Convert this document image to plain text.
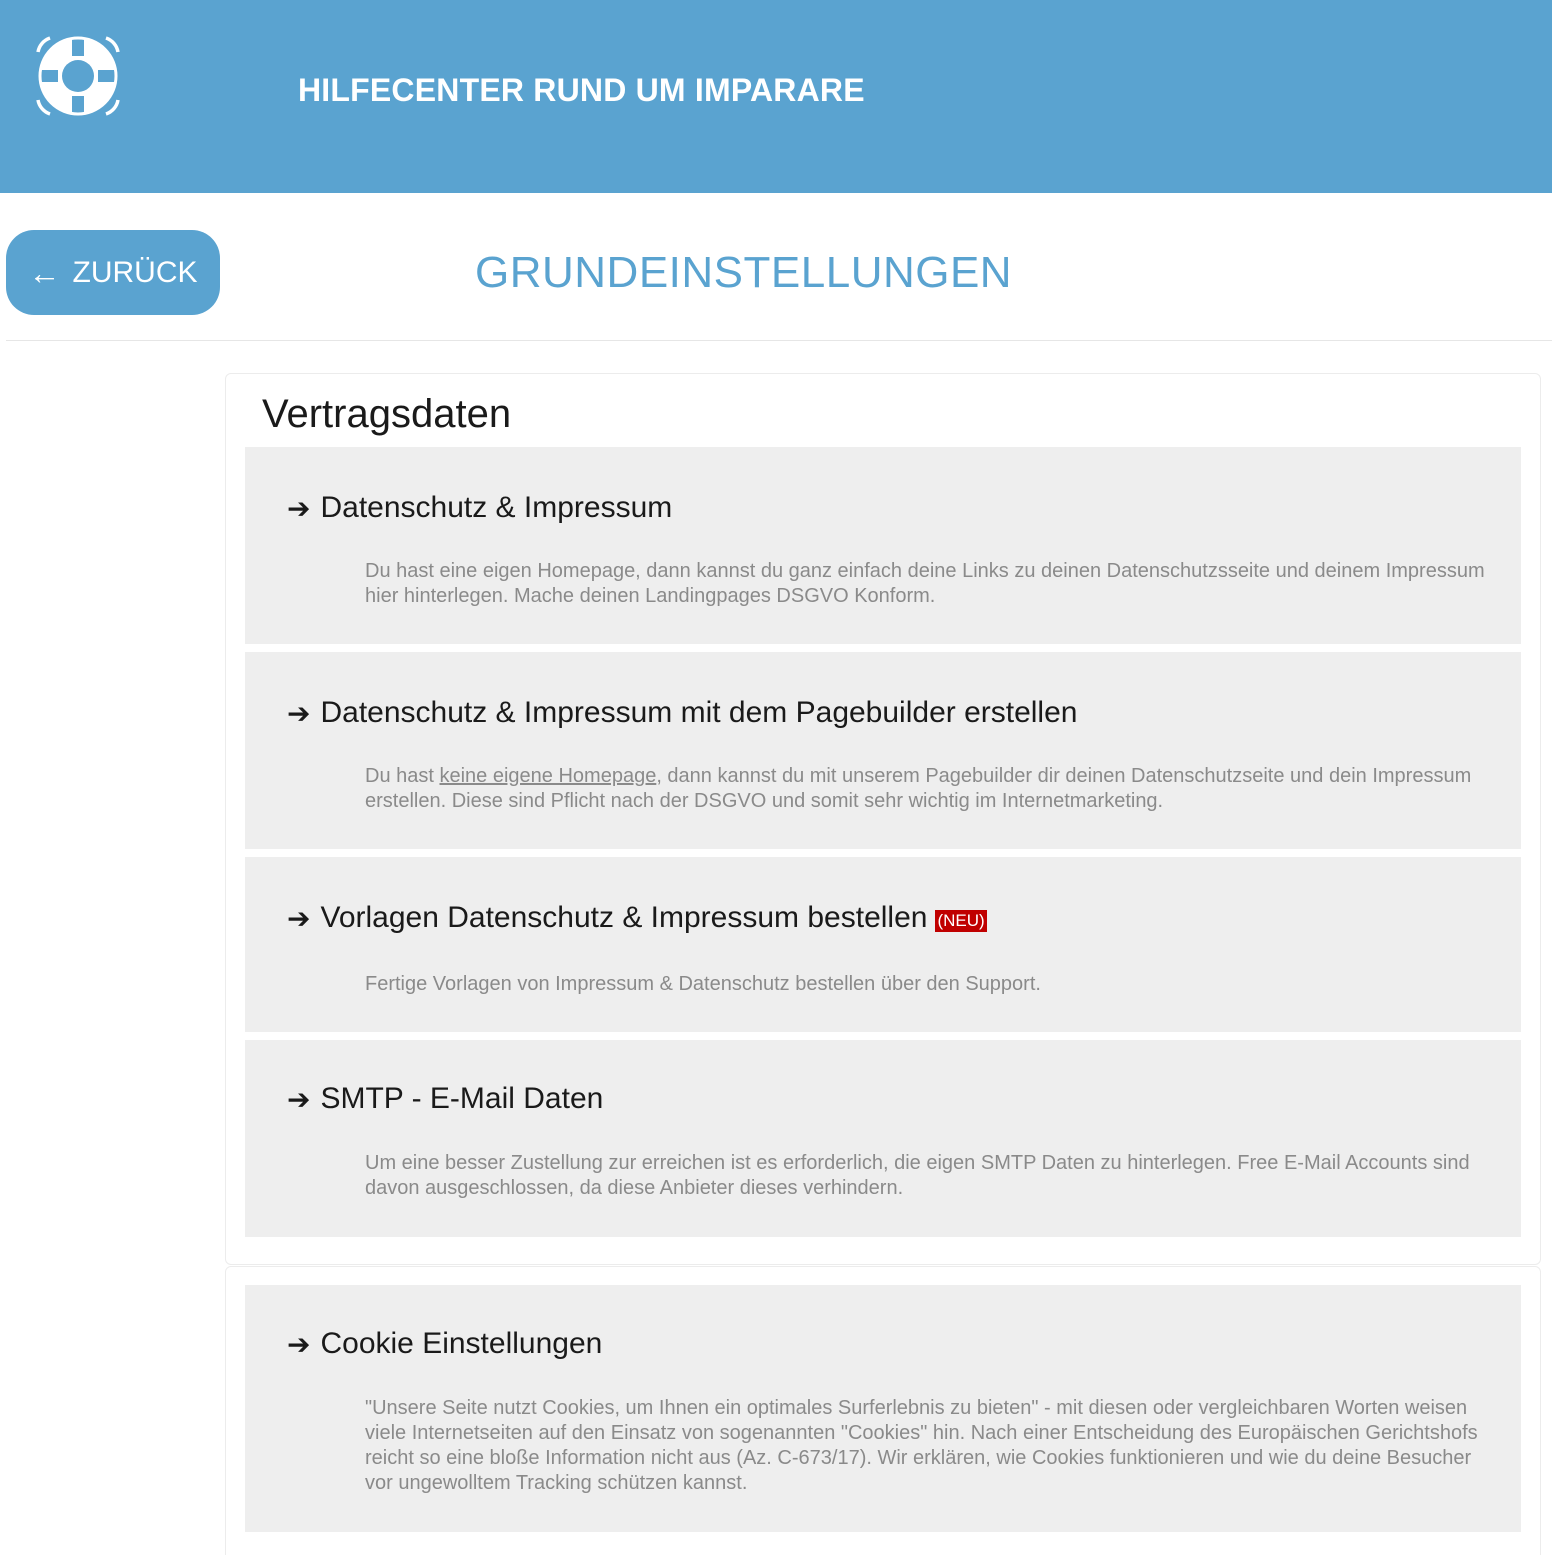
HILFECENTER RUND UM IMPARARE
← ZURÜCK	GRUNDEINSTELLUNGEN
Vertragsdaten
➔ Datenschutz & Impressum
Du hast eine eigen Homepage, dann kannst du ganz einfach deine Links zu deinen Datenschutzsseite und deinem Impressum hier hinterlegen. Mache deinen Landingpages DSGVO Konform.
➔ Datenschutz & Impressum mit dem Pagebuilder erstellen
Du hast keine eigene Homepage, dann kannst du mit unserem Pagebuilder dir deinen Datenschutzseite und dein Impressum erstellen. Diese sind Pflicht nach der DSGVO und somit sehr wichtig im Internetmarketing.
➔ Vorlagen Datenschutz & Impressum bestellen (NEU)
Fertige Vorlagen von Impressum & Datenschutz bestellen über den Support.
➔ SMTP - E-Mail Daten
Um eine besser Zustellung zur erreichen ist es erforderlich, die eigen SMTP Daten zu hinterlegen. Free E-Mail Accounts sind davon ausgeschlossen, da diese Anbieter dieses verhindern.
➔ Cookie Einstellungen
"Unsere Seite nutzt Cookies, um Ihnen ein optimales Surferlebnis zu bieten" - mit diesen oder vergleichbaren Worten weisen viele Internetseiten auf den Einsatz von sogenannten "Cookies" hin. Nach einer Entscheidung des Europäischen Gerichtshofs reicht so eine bloße Information nicht aus (Az. C-673/17). Wir erklären, wie Cookies funktionieren und wie du deine Besucher vor ungewolltem Tracking schützen kannst.
